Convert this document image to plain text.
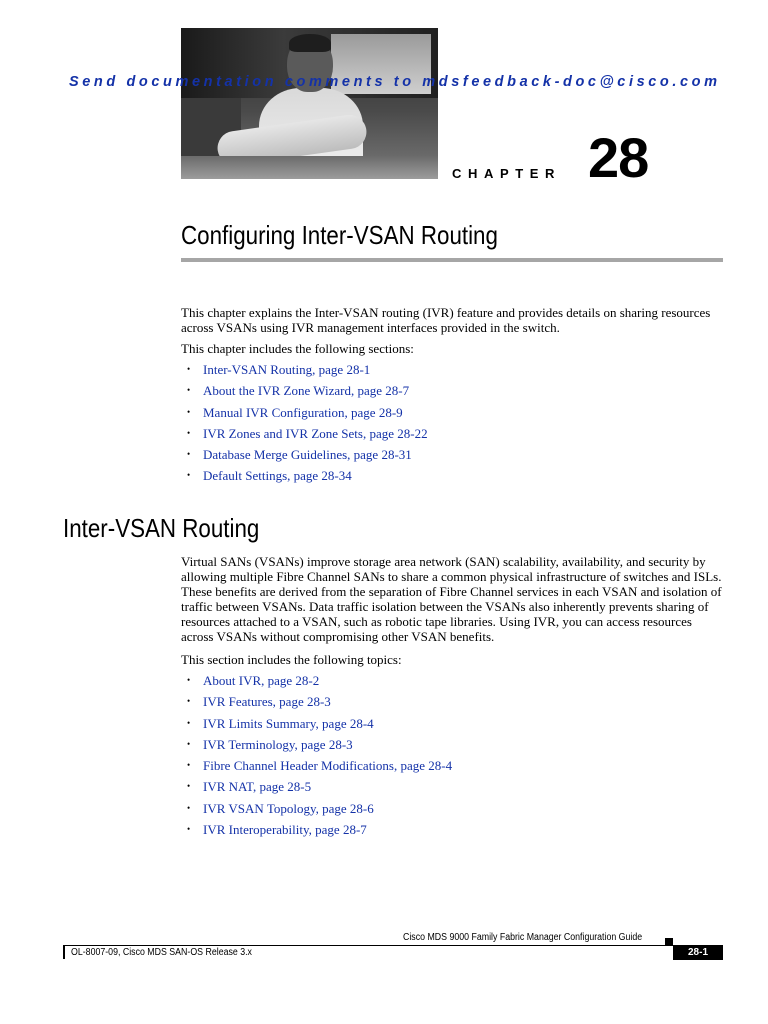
Send documentation comments to mdsfeedback-doc@cisco.com
CHAPTER 28
Configuring Inter-VSAN Routing
This chapter explains the Inter-VSAN routing (IVR) feature and provides details on sharing resources across VSANs using IVR management interfaces provided in the switch.
This chapter includes the following sections:
• Inter-VSAN Routing, page 28-1
• About the IVR Zone Wizard, page 28-7
• Manual IVR Configuration, page 28-9
• IVR Zones and IVR Zone Sets, page 28-22
• Database Merge Guidelines, page 28-31
• Default Settings, page 28-34
Inter-VSAN Routing
Virtual SANs (VSANs) improve storage area network (SAN) scalability, availability, and security by allowing multiple Fibre Channel SANs to share a common physical infrastructure of switches and ISLs. These benefits are derived from the separation of Fibre Channel services in each VSAN and isolation of traffic between VSANs. Data traffic isolation between the VSANs also inherently prevents sharing of resources attached to a VSAN, such as robotic tape libraries. Using IVR, you can access resources across VSANs without compromising other VSAN benefits.
This section includes the following topics:
• About IVR, page 28-2
• IVR Features, page 28-3
• IVR Limits Summary, page 28-4
• IVR Terminology, page 28-3
• Fibre Channel Header Modifications, page 28-4
• IVR NAT, page 28-5
• IVR VSAN Topology, page 28-6
• IVR Interoperability, page 28-7
Cisco MDS 9000 Family Fabric Manager Configuration Guide
OL-8007-09, Cisco MDS SAN-OS Release 3.x	28-1
